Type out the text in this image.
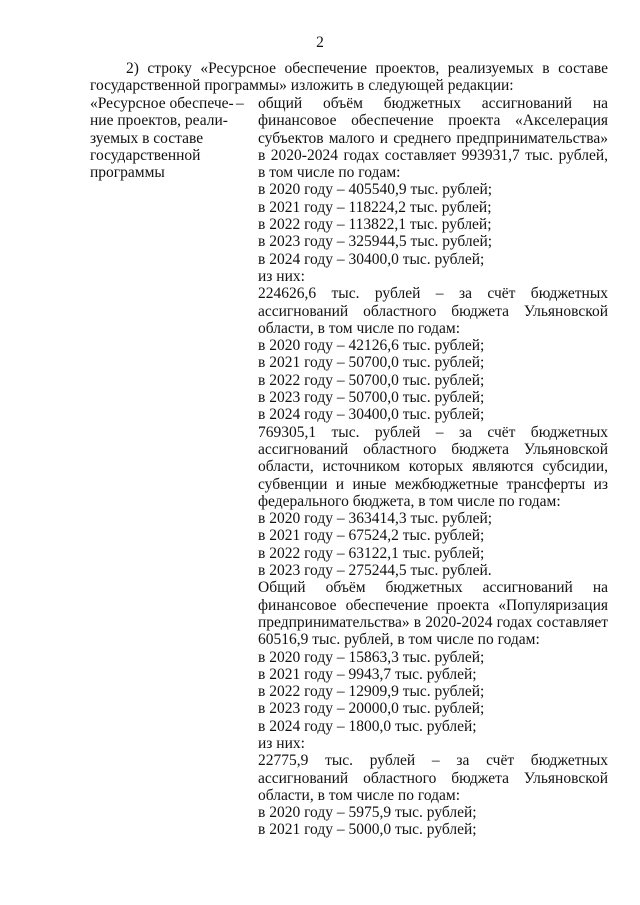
2
2) строку «Ресурсное обеспечение проектов, реализуемых в составе государственной программы» изложить в следующей редакции:
«Ресурсное обеспече-
ние проектов, реали-
зуемых в составе
государственной
программы
– общий объём бюджетных ассигнований на финансовое обеспечение проекта «Акселерация субъектов малого и среднего предпринимательства» в 2020-2024 годах составляет 993931,7 тыс. рублей, в том числе по годам:

в 2020 году – 405540,9 тыс. рублей;

в 2021 году – 118224,2 тыс. рублей;

в 2022 году – 113822,1 тыс. рублей;

в 2023 году – 325944,5 тыс. рублей;

в 2024 году – 30400,0 тыс. рублей;

из них:

224626,6 тыс. рублей – за счёт бюджетных ассигнований областного бюджета Ульяновской области, в том числе по годам:

в 2020 году – 42126,6 тыс. рублей;

в 2021 году – 50700,0 тыс. рублей;

в 2022 году – 50700,0 тыс. рублей;

в 2023 году – 50700,0 тыс. рублей;

в 2024 году – 30400,0 тыс. рублей;

769305,1 тыс. рублей – за счёт бюджетных ассигнований областного бюджета Ульяновской области, источником которых являются субсидии, субвенции и иные межбюджетные трансферты из федерального бюджета, в том числе по годам:

в 2020 году – 363414,3 тыс. рублей;

в 2021 году – 67524,2 тыс. рублей;

в 2022 году – 63122,1 тыс. рублей;

в 2023 году – 275244,5 тыс. рублей.

Общий объём бюджетных ассигнований на финансовое обеспечение проекта «Популяризация предпринимательства» в 2020-2024 годах составляет 60516,9 тыс. рублей, в том числе по годам:

в 2020 году – 15863,3 тыс. рублей;

в 2021 году – 9943,7 тыс. рублей;

в 2022 году – 12909,9 тыс. рублей;

в 2023 году – 20000,0 тыс. рублей;

в 2024 году – 1800,0 тыс. рублей;

из них:

22775,9 тыс. рублей – за счёт бюджетных ассигнований областного бюджета Ульяновской области, в том числе по годам:

в 2020 году – 5975,9 тыс. рублей;

в 2021 году – 5000,0 тыс. рублей;
